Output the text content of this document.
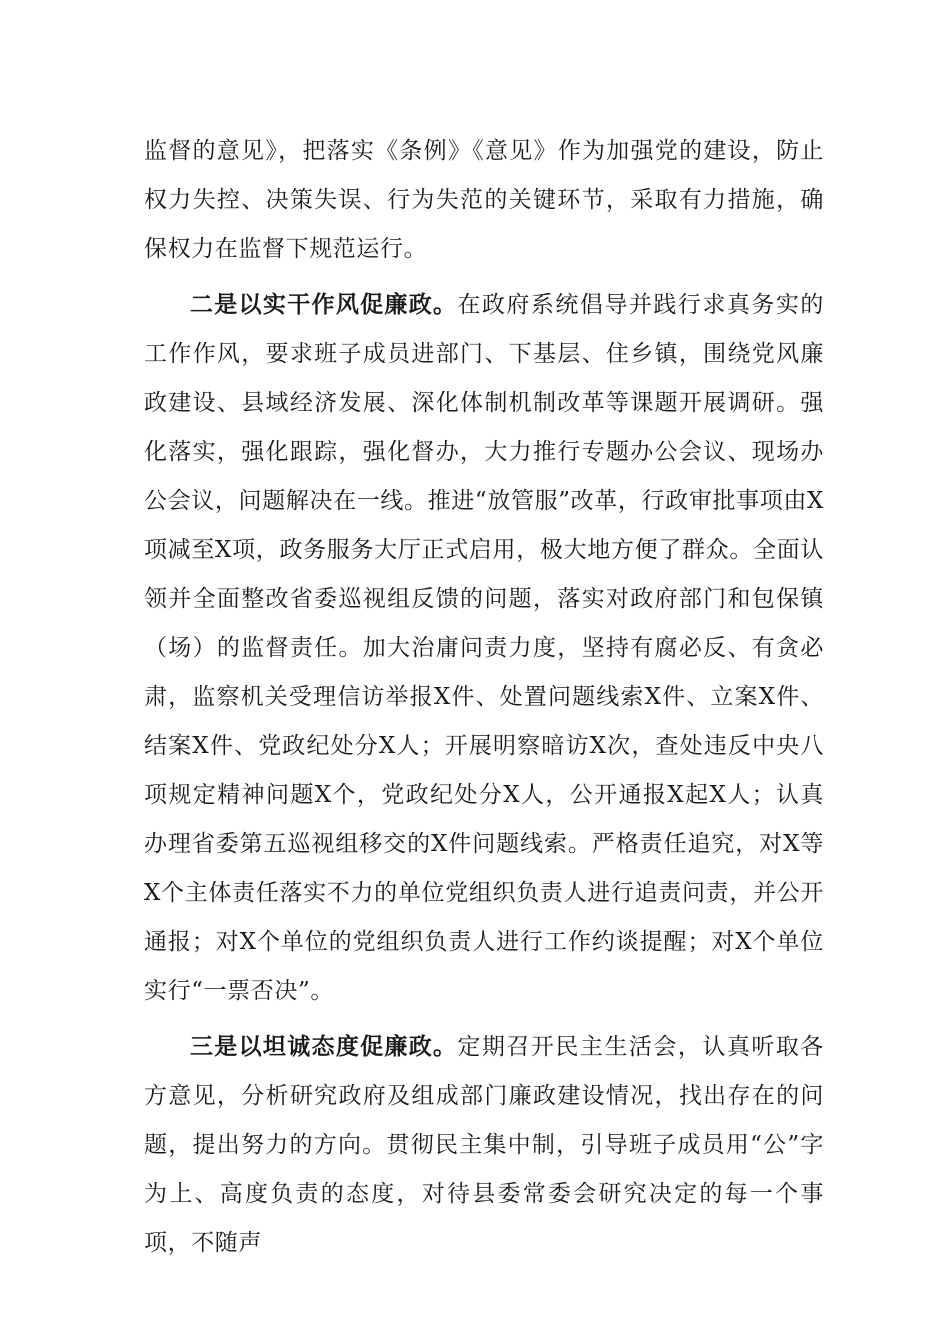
监督的意见》，把落实《条例》《意见》作为加强党的建设，防止权力失控、决策失误、行为失范的关键环节，采取有力措施，确保权力在监督下规范运行。

二是以实干作风促廉政。在政府系统倡导并践行求真务实的工作作风，要求班子成员进部门、下基层、住乡镇，围绕党风廉政建设、县域经济发展、深化体制机制改革等课题开展调研。强化落实，强化跟踪，强化督办，大力推行专题办公会议、现场办公会议，问题解决在一线。推进“放管服”改革，行政审批事项由X项减至X项，政务服务大厅正式启用，极大地方便了群众。全面认领并全面整改省委巡视组反馈的问题，落实对政府部门和包保镇（场）的监督责任。加大治庸问责力度，坚持有腐必反、有贪必肃，监察机关受理信访举报X件、处置问题线索X件、立案X件、结案X件、党政纪处分X人；开展明察暗访X次，查处违反中央八项规定精神问题X个，党政纪处分X人，公开通报X起X人；认真办理省委第五巡视组移交的X件问题线索。严格责任追究，对X等X个主体责任落实不力的单位党组织负责人进行追责问责，并公开通报；对X个单位的党组织负责人进行工作约谈提醒；对X个单位实行“一票否决”。

三是以坦诚态度促廉政。定期召开民主生活会，认真听取各方意见，分析研究政府及组成部门廉政建设情况，找出存在的问题，提出努力的方向。贯彻民主集中制，引导班子成员用“公”字为上、高度负责的态度，对待县委常委会研究决定的每一个事项，不随声
